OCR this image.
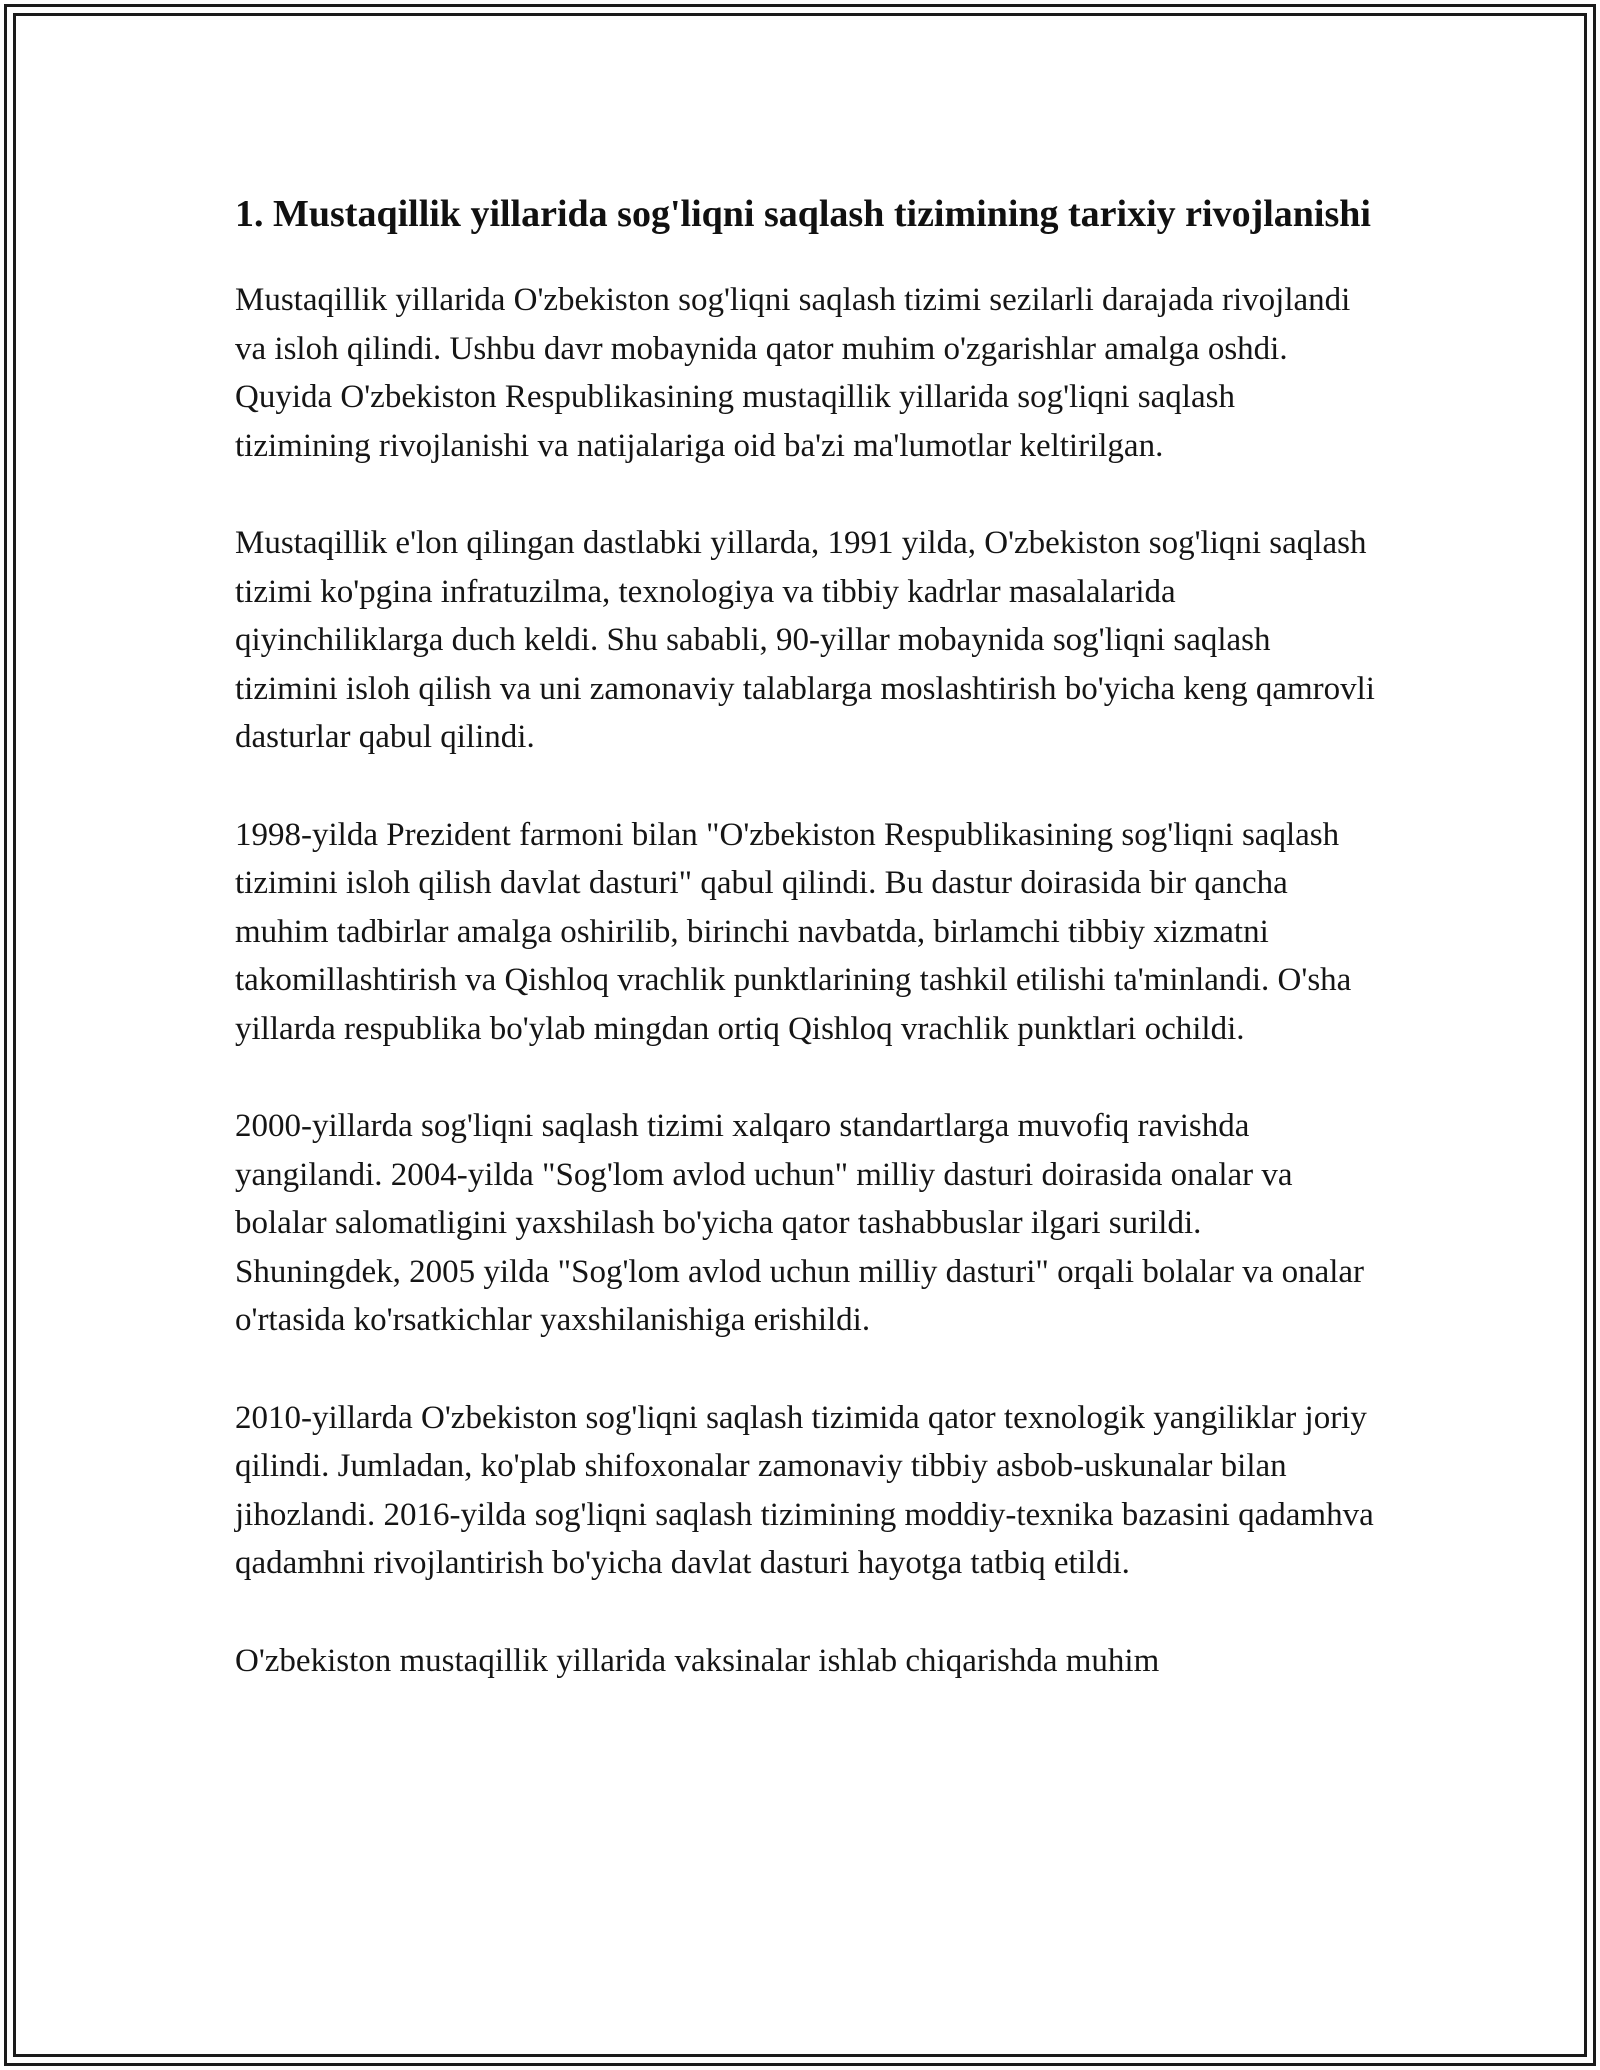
1. Mustaqillik yillarida sog'liqni saqlash tizimining tarixiy rivojlanishi

Mustaqillik yillarida O'zbekiston sog'liqni saqlash tizimi sezilarli darajada rivojlandi va isloh qilindi. Ushbu davr mobaynida qator muhim o'zgarishlar amalga oshdi. Quyida O'zbekiston Respublikasining mustaqillik yillarida sog'liqni saqlash tizimining rivojlanishi va natijalariga oid ba'zi ma'lumotlar keltirilgan.

Mustaqillik e'lon qilingan dastlabki yillarda, 1991 yilda, O'zbekiston sog'liqni saqlash tizimi ko'pgina infratuzilma, texnologiya va tibbiy kadrlar masalalarida qiyinchiliklarga duch keldi. Shu sababli, 90-yillar mobaynida sog'liqni saqlash tizimini isloh qilish va uni zamonaviy talablarga moslashtirish bo'yicha keng qamrovli dasturlar qabul qilindi.

1998-yilda Prezident farmoni bilan "O'zbekiston Respublikasining sog'liqni saqlash tizimini isloh qilish davlat dasturi" qabul qilindi. Bu dastur doirasida bir qancha muhim tadbirlar amalga oshirilib, birinchi navbatda, birlamchi tibbiy xizmatni takomillashtirish va Qishloq vrachlik punktlarining tashkil etilishi ta'minlandi. O'sha yillarda respublika bo'ylab mingdan ortiq Qishloq vrachlik punktlari ochildi.

2000-yillarda sog'liqni saqlash tizimi xalqaro standartlarga muvofiq ravishda yangilandi. 2004-yilda "Sog'lom avlod uchun" milliy dasturi doirasida onalar va bolalar salomatligini yaxshilash bo'yicha qator tashabbuslar ilgari surildi. Shuningdek, 2005 yilda "Sog'lom avlod uchun milliy dasturi" orqali bolalar va onalar o'rtasida ko'rsatkichlar yaxshilanishiga erishildi.

2010-yillarda O'zbekiston sog'liqni saqlash tizimida qator texnologik yangiliklar joriy qilindi. Jumladan, ko'plab shifoxonalar zamonaviy tibbiy asbob-uskunalar bilan jihozlandi. 2016-yilda sog'liqni saqlash tizimining moddiy-texnika bazasini qadamhva qadamhni rivojlantirish bo'yicha davlat dasturi hayotga tatbiq etildi.

O'zbekiston mustaqillik yillarida vaksinalar ishlab chiqarishda muhim
